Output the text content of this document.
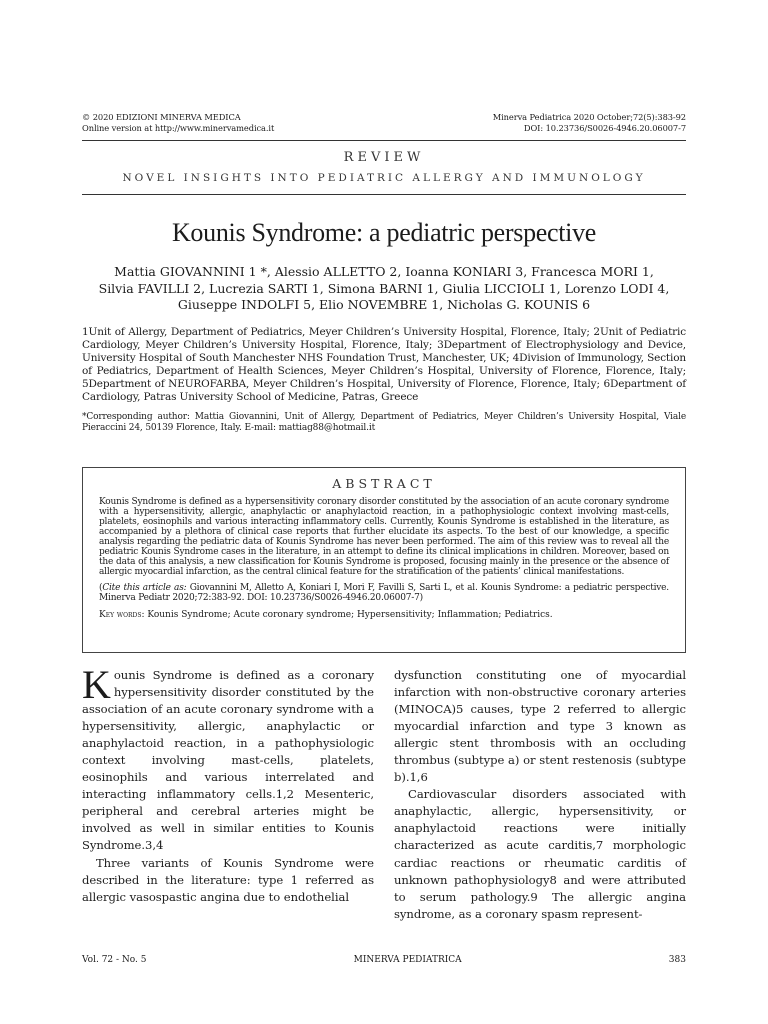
© 2020 EDIZIONI MINERVA MEDICA
Online version at http://www.minervamedica.it
Minerva Pediatrica 2020 October;72(5):383-92
DOI: 10.23736/S0026-4946.20.06007-7
REVIEW
NOVEL INSIGHTS INTO PEDIATRIC ALLERGY AND IMMUNOLOGY
Kounis Syndrome: a pediatric perspective
Mattia GIOVANNINI 1 *, Alessio ALLETTO 2, Ioanna KONIARI 3, Francesca MORI 1,
Silvia FAVILLI 2, Lucrezia SARTI 1, Simona BARNI 1, Giulia LICCIOLI 1, Lorenzo LODI 4,
Giuseppe INDOLFI 5, Elio NOVEMBRE 1, Nicholas G. KOUNIS 6
1Unit of Allergy, Department of Pediatrics, Meyer Children’s University Hospital, Florence, Italy; 2Unit of Pediatric Cardiology, Meyer Children’s University Hospital, Florence, Italy; 3Department of Electrophysiology and Device, University Hospital of South Manchester NHS Foundation Trust, Manchester, UK; 4Division of Immunology, Section of Pediatrics, Department of Health Sciences, Meyer Children’s Hospital, University of Florence, Florence, Italy; 5Department of NEUROFARBA, Meyer Children’s Hospital, University of Florence, Florence, Italy; 6Department of Cardiology, Patras University School of Medicine, Patras, Greece
*Corresponding author: Mattia Giovannini, Unit of Allergy, Department of Pediatrics, Meyer Children’s University Hospital, Viale Pieraccini 24, 50139 Florence, Italy. E-mail: mattiag88@hotmail.it
ABSTRACT
Kounis Syndrome is defined as a hypersensitivity coronary disorder constituted by the association of an acute coronary syndrome with a hypersensitivity, allergic, anaphylactic or anaphylactoid reaction, in a pathophysiologic context involving mast-cells, platelets, eosinophils and various interacting inflammatory cells. Currently, Kounis Syndrome is established in the literature, as accompanied by a plethora of clinical case reports that further elucidate its aspects. To the best of our knowledge, a specific analysis regarding the pediatric data of Kounis Syndrome has never been performed. The aim of this review was to reveal all the pediatric Kounis Syndrome cases in the literature, in an attempt to define its clinical implications in children. Moreover, based on the data of this analysis, a new classification for Kounis Syndrome is proposed, focusing mainly in the presence or the absence of allergic myocardial infarction, as the central clinical feature for the stratification of the patients’ clinical manifestations.
(Cite this article as: Giovannini M, Alletto A, Koniari I, Mori F, Favilli S, Sarti L, et al. Kounis Syndrome: a pediatric perspective. Minerva Pediatr 2020;72:383-92. DOI: 10.23736/S0026-4946.20.06007-7)
Key words: Kounis Syndrome; Acute coronary syndrome; Hypersensitivity; Inflammation; Pediatrics.

Kounis Syndrome is defined as a coronary hypersensitivity disorder constituted by the association of an acute coronary syndrome with a hypersensitivity, allergic, anaphylactic or anaphylactoid reaction, in a pathophysiologic context involving mast-cells, platelets, eosinophils and various interrelated and interacting inflammatory cells.1,2 Mesenteric, peripheral and cerebral arteries might be involved as well in similar entities to Kounis Syndrome.3,4

Three variants of Kounis Syndrome were described in the literature: type 1 referred as allergic vasospastic angina due to endothelial

dysfunction constituting one of myocardial infarction with non-obstructive coronary arteries (MINOCA)5 causes, type 2 referred to allergic myocardial infarction and type 3 known as allergic stent thrombosis with an occluding thrombus (subtype a) or stent restenosis (subtype b).1,6

Cardiovascular disorders associated with anaphylactic, allergic, hypersensitivity, or anaphylactoid reactions were initially characterized as acute carditis,7 morphologic cardiac reactions or rheumatic carditis of unknown pathophysiology8 and were attributed to serum pathology.9 The allergic angina syndrome, as a coronary spasm represent-

Vol. 72 - No. 5	MINERVA PEDIATRICA	383
